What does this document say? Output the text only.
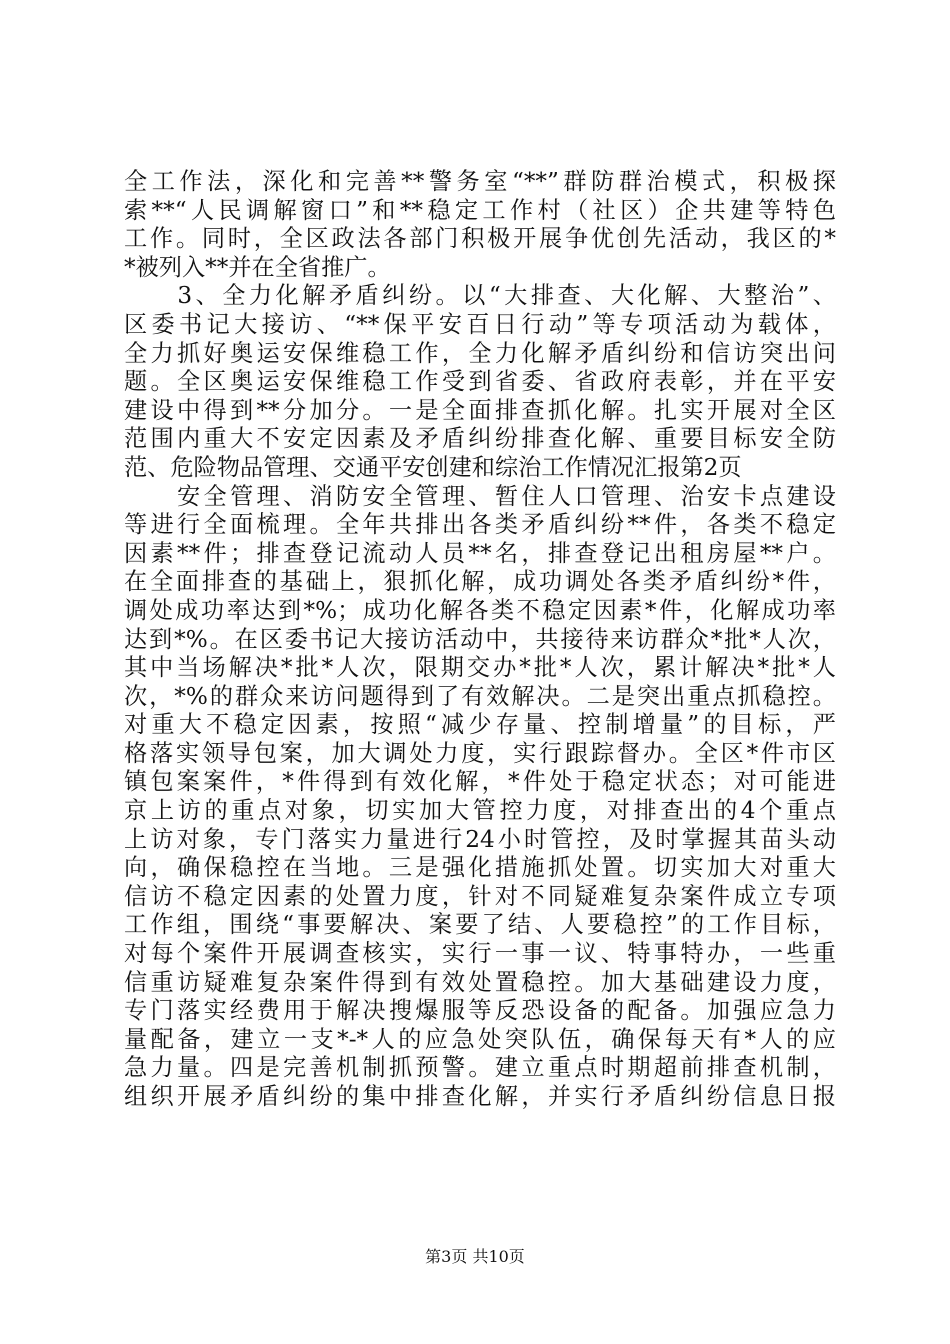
全工作法，深化和完善**警务室“**”群防群治模式，积极探
索**“人民调解窗口”和**稳定工作村（社区）企共建等特色
工作。同时，全区政法各部门积极开展争优创先活动，我区的*
*被列入**并在全省推广。
　　3、全力化解矛盾纠纷。以“大排查、大化解、大整治”、
区委书记大接访、“**保平安百日行动”等专项活动为载体，
全力抓好奥运安保维稳工作，全力化解矛盾纠纷和信访突出问
题。全区奥运安保维稳工作受到省委、省政府表彰，并在平安
建设中得到**分加分。一是全面排查抓化解。扎实开展对全区
范围内重大不安定因素及矛盾纠纷排查化解、重要目标安全防
范、危险物品管理、交通平安创建和综治工作情况汇报第2页
　　安全管理、消防安全管理、暂住人口管理、治安卡点建设
等进行全面梳理。全年共排出各类矛盾纠纷**件，各类不稳定
因素**件；排查登记流动人员**名，排查登记出租房屋**户。
在全面排查的基础上，狠抓化解，成功调处各类矛盾纠纷*件，
调处成功率达到*%；成功化解各类不稳定因素*件，化解成功率
达到*%。在区委书记大接访活动中，共接待来访群众*批*人次，
其中当场解决*批*人次，限期交办*批*人次，累计解决*批*人
次，*%的群众来访问题得到了有效解决。二是突出重点抓稳控。
对重大不稳定因素，按照“减少存量、控制增量”的目标，严
格落实领导包案，加大调处力度，实行跟踪督办。全区*件市区
镇包案案件，*件得到有效化解，*件处于稳定状态；对可能进
京上访的重点对象，切实加大管控力度，对排查出的4个重点
上访对象，专门落实力量进行24小时管控，及时掌握其苗头动
向，确保稳控在当地。三是强化措施抓处置。切实加大对重大
信访不稳定因素的处置力度，针对不同疑难复杂案件成立专项
工作组，围绕“事要解决、案要了结、人要稳控”的工作目标，
对每个案件开展调查核实，实行一事一议、特事特办，一些重
信重访疑难复杂案件得到有效处置稳控。加大基础建设力度，
专门落实经费用于解决搜爆服等反恐设备的配备。加强应急力
量配备，建立一支*-*人的应急处突队伍，确保每天有*人的应
急力量。四是完善机制抓预警。建立重点时期超前排查机制，
组织开展矛盾纠纷的集中排查化解，并实行矛盾纠纷信息日报
第3页 共10页
